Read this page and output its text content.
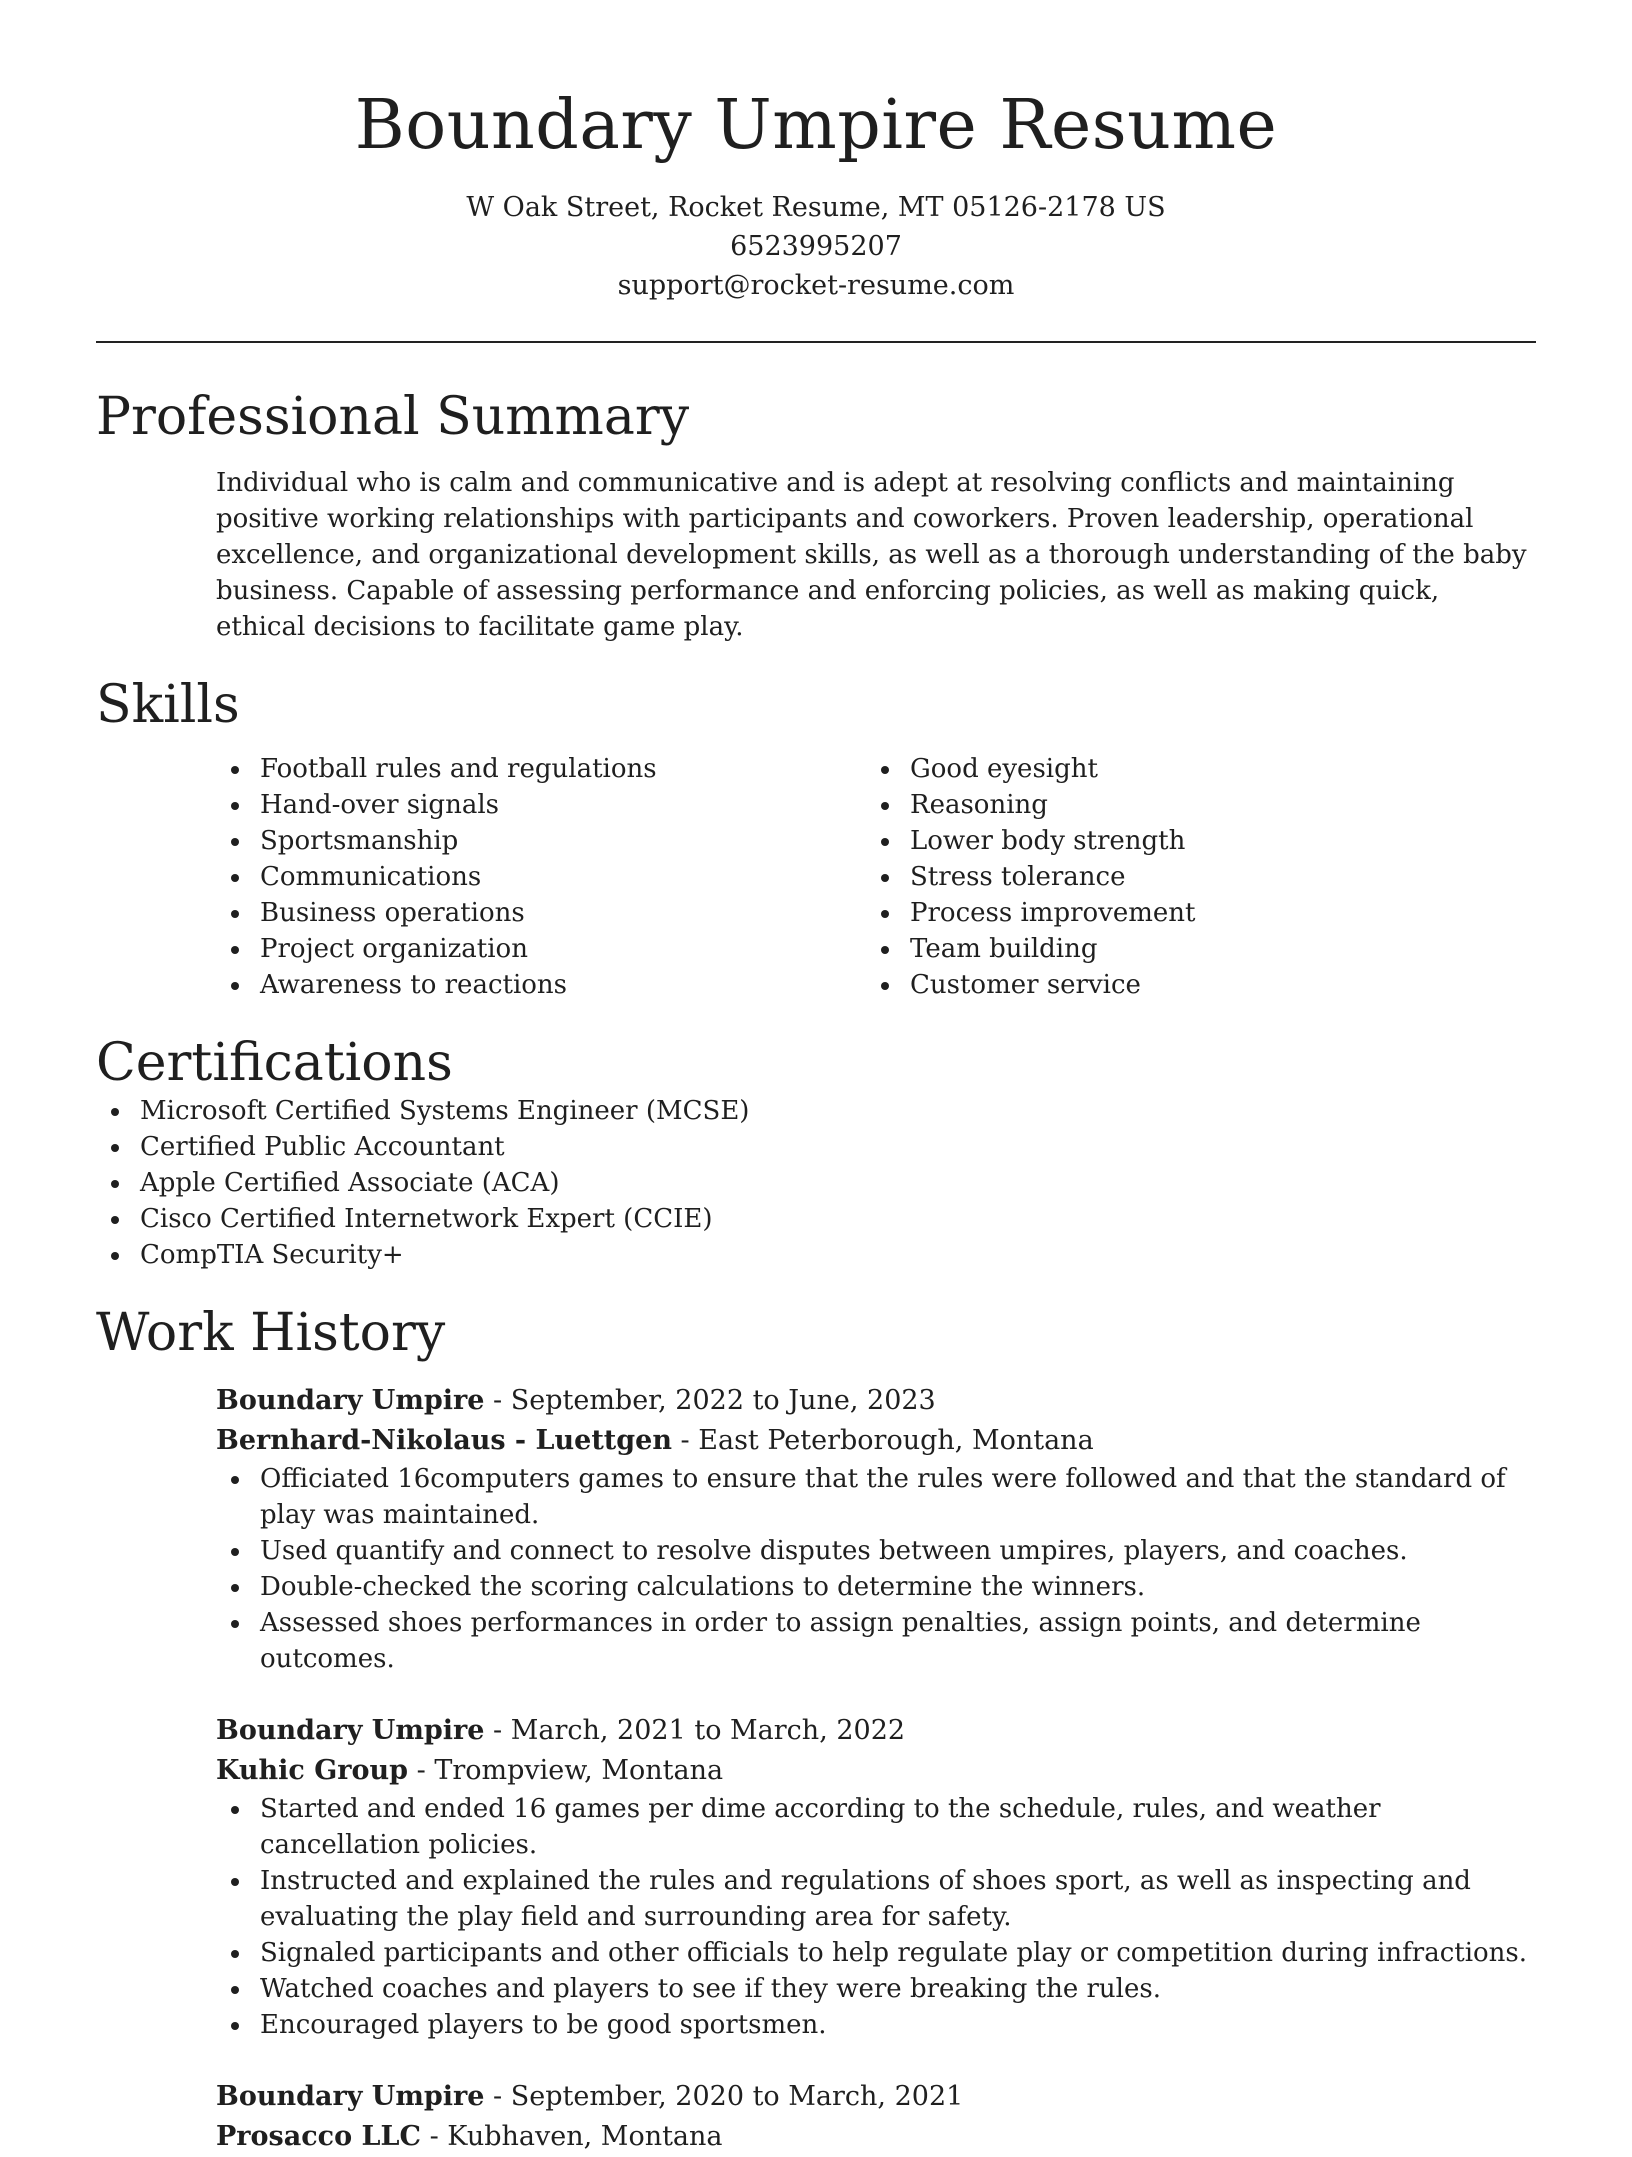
Boundary Umpire Resume
W Oak Street, Rocket Resume, MT 05126-2178 US
6523995207
support@rocket-resume.com
Professional Summary

Individual who is calm and communicative and is adept at resolving conflicts and maintaining positive working relationships with participants and coworkers. Proven leadership, operational excellence, and organizational development skills, as well as a thorough understanding of the baby business. Capable of assessing performance and enforcing policies, as well as making quick, ethical decisions to facilitate game play.

Skills
Football rules and regulations
Hand-over signals
Sportsmanship
Communications
Business operations
Project organization
Awareness to reactions
Good eyesight
Reasoning
Lower body strength
Stress tolerance
Process improvement
Team building
Customer service
Certifications
Microsoft Certified Systems Engineer (MCSE)
Certified Public Accountant
Apple Certified Associate (ACA)
Cisco Certified Internetwork Expert (CCIE)
CompTIA Security+
Work History
Boundary Umpire - September, 2022 to June, 2023
Bernhard-Nikolaus - Luettgen - East Peterborough, Montana
Officiated 16computers games to ensure that the rules were followed and that the standard of play was maintained.
Used quantify and connect to resolve disputes between umpires, players, and coaches.
Double-checked the scoring calculations to determine the winners.
Assessed shoes performances in order to assign penalties, assign points, and determine outcomes.
Boundary Umpire - March, 2021 to March, 2022
Kuhic Group - Trompview, Montana
Started and ended 16 games per dime according to the schedule, rules, and weather cancellation policies.
Instructed and explained the rules and regulations of shoes sport, as well as inspecting and evaluating the play field and surrounding area for safety.
Signaled participants and other officials to help regulate play or competition during infractions.
Watched coaches and players to see if they were breaking the rules.
Encouraged players to be good sportsmen.
Boundary Umpire - September, 2020 to March, 2021
Prosacco LLC - Kubhaven, Montana
